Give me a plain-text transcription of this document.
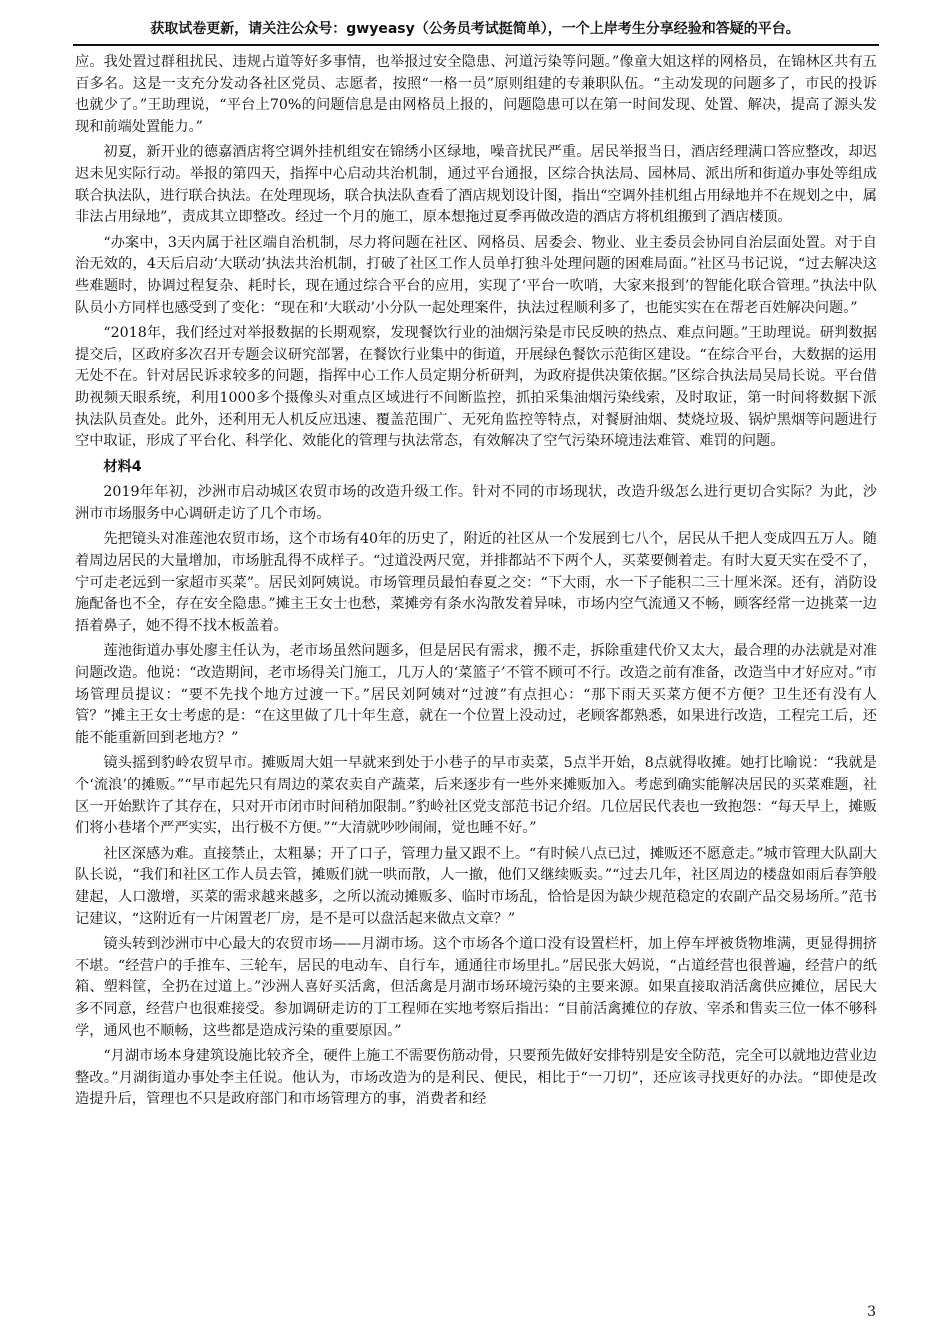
获取试卷更新，请关注公众号：gwyeasy（公务员考试挺简单），一个上岸考生分享经验和答疑的平台。

应。我处置过群租扰民、违规占道等好多事情，也举报过安全隐患、河道污染等问题。”像童大姐这样的网格员，在锦林区共有五百多名。这是一支充分发动各社区党员、志愿者，按照“一格一员”原则组建的专兼职队伍。“主动发现的问题多了，市民的投诉也就少了。”王助理说，“平台上70%的问题信息是由网格员上报的，问题隐患可以在第一时间发现、处置、解决，提高了源头发现和前端处置能力。”

初夏，新开业的德嘉酒店将空调外挂机组安在锦绣小区绿地，噪音扰民严重。居民举报当日，酒店经理满口答应整改，却迟迟未见实际行动。举报的第四天，指挥中心启动共治机制，通过平台通报，区综合执法局、园林局、派出所和街道办事处等组成联合执法队，进行联合执法。在处理现场，联合执法队查看了酒店规划设计图，指出“空调外挂机组占用绿地并不在规划之中，属非法占用绿地”，责成其立即整改。经过一个月的施工，原本想拖过夏季再做改造的酒店方将机组搬到了酒店楼顶。

“办案中，3天内属于社区端自治机制，尽力将问题在社区、网格员、居委会、物业、业主委员会协同自治层面处置。对于自治无效的，4天后启动‘大联动’执法共治机制，打破了社区工作人员单打独斗处理问题的困难局面。”社区马书记说，“过去解决这些难题时，协调过程复杂、耗时长，现在通过综合平台的应用，实现了‘平台一吹哨，大家来报到’的智能化联合管理。”执法中队队员小方同样也感受到了变化：“现在和‘大联动’小分队一起处理案件，执法过程顺利多了，也能实实在在帮老百姓解决问题。”

“2018年，我们经过对举报数据的长期观察，发现餐饮行业的油烟污染是市民反映的热点、难点问题。”王助理说。研判数据提交后，区政府多次召开专题会议研究部署，在餐饮行业集中的街道，开展绿色餐饮示范街区建设。“在综合平台，大数据的运用无处不在。针对居民诉求较多的问题，指挥中心工作人员定期分析研判，为政府提供决策依据。”区综合执法局吴局长说。平台借助视频天眼系统，利用1000多个摄像头对重点区域进行不间断监控，抓拍采集油烟污染线索，及时取证，第一时间将数据下派执法队员查处。此外，还利用无人机反应迅速、覆盖范围广、无死角监控等特点，对餐厨油烟、焚烧垃圾、锅炉黑烟等问题进行空中取证，形成了平台化、科学化、效能化的管理与执法常态，有效解决了空气污染环境违法难管、难罚的问题。

材料4

2019年年初，沙洲市启动城区农贸市场的改造升级工作。针对不同的市场现状，改造升级怎么进行更切合实际？为此，沙洲市市场服务中心调研走访了几个市场。

先把镜头对准莲池农贸市场，这个市场有40年的历史了，附近的社区从一个发展到七八个，居民从千把人变成四五万人。随着周边居民的大量增加，市场脏乱得不成样子。“过道没两尺宽，并排都站不下两个人，买菜要侧着走。有时大夏天实在受不了，宁可走老远到一家超市买菜”。居民刘阿姨说。市场管理员最怕春夏之交：“下大雨，水一下子能积二三十厘米深。还有，消防设施配备也不全，存在安全隐患。”摊主王女士也愁，菜摊旁有条水沟散发着异味，市场内空气流通又不畅，顾客经常一边挑菜一边捂着鼻子，她不得不找木板盖着。

莲池街道办事处廖主任认为，老市场虽然问题多，但是居民有需求，搬不走，拆除重建代价又太大，最合理的办法就是对准问题改造。他说：“改造期间，老市场得关门施工，几万人的‘菜篮子’不管不顾可不行。改造之前有准备，改造当中才好应对。”市场管理员提议：“要不先找个地方过渡一下。”居民刘阿姨对“过渡”有点担心：“那下雨天买菜方便不方便？卫生还有没有人管？”摊主王女士考虑的是：“在这里做了几十年生意，就在一个位置上没动过，老顾客都熟悉，如果进行改造，工程完工后，还能不能重新回到老地方？”

镜头摇到豹岭农贸早市。摊贩周大姐一早就来到处于小巷子的早市卖菜，5点半开始，8点就得收摊。她打比喻说：“我就是个‘流浪’的摊贩。”“早市起先只有周边的菜农卖自产蔬菜，后来逐步有一些外来摊贩加入。考虑到确实能解决居民的买菜难题，社区一开始默许了其存在，只对开市闭市时间稍加限制。”豹岭社区党支部范书记介绍。几位居民代表也一致抱怨：“每天早上，摊贩们将小巷堵个严严实实，出行极不方便。”“大清就吵吵闹闹，觉也睡不好。”

社区深感为难。直接禁止，太粗暴；开了口子，管理力量又跟不上。“有时候八点已过，摊贩还不愿意走。”城市管理大队副大队长说，“我们和社区工作人员去管，摊贩们就一哄而散，人一撤，他们又继续贩卖。”“过去几年，社区周边的楼盘如雨后春笋般建起，人口激增，买菜的需求越来越多，之所以流动摊贩多、临时市场乱，恰恰是因为缺少规范稳定的农副产品交易场所。”范书记建议，“这附近有一片闲置老厂房，是不是可以盘活起来做点文章？”

镜头转到沙洲市中心最大的农贸市场——月湖市场。这个市场各个道口没有设置栏杆，加上停车坪被货物堆满，更显得拥挤不堪。“经营户的手推车、三轮车，居民的电动车、自行车，通通往市场里扎。”居民张大妈说，“占道经营也很普遍，经营户的纸箱、塑料筐，全扔在过道上。”沙洲人喜好买活禽，但活禽是月湖市场环境污染的主要来源。如果直接取消活禽供应摊位，居民大多不同意，经营户也很难接受。参加调研走访的丁工程师在实地考察后指出：“目前活禽摊位的存放、宰杀和售卖三位一体不够科学，通风也不顺畅，这些都是造成污染的重要原因。”

“月湖市场本身建筑设施比较齐全，硬件上施工不需要伤筋动骨，只要预先做好安排特别是安全防范，完全可以就地边营业边整改。”月湖街道办事处李主任说。他认为，市场改造为的是利民、便民，相比于“一刀切”，还应该寻找更好的办法。“即使是改造提升后，管理也不只是政府部门和市场管理方的事，消费者和经

3
